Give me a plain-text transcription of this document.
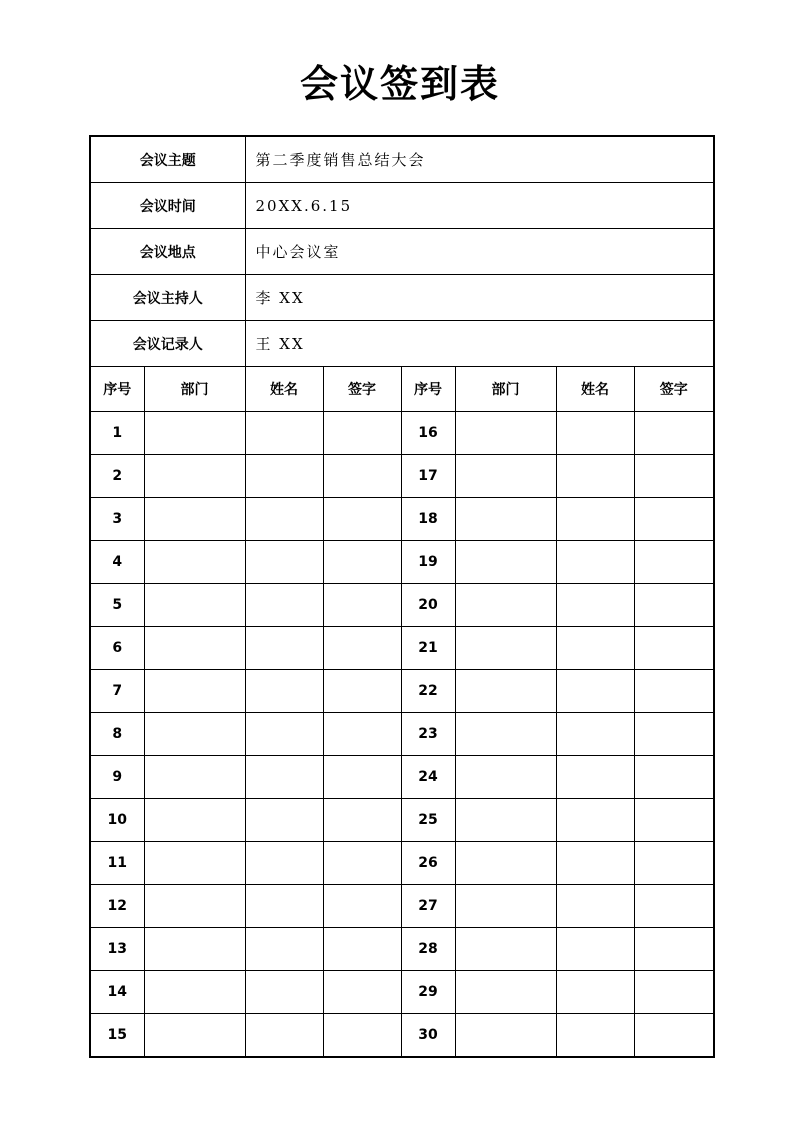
会议签到表
会议主题		第二季度销售总结大会					
会议时间		20XX.6.15					
会议地点		中心会议室					
会议主持人		李 XX					
会议记录人		王 XX					
序号	部门	姓名	签字	序号	部门	姓名	签字
1				16			
2				17			
3				18			
4				19			
5				20			
6				21			
7				22			
8				23			
9				24			
10				25			
11				26			
12				27			
13				28			
14				29			
15				30			
